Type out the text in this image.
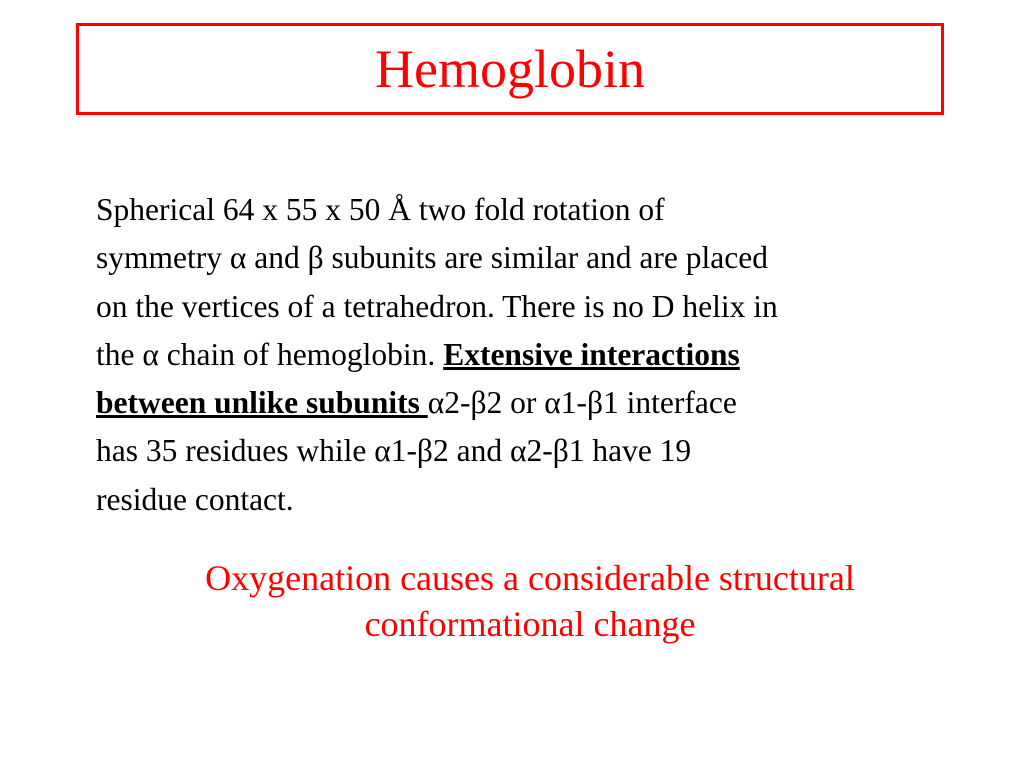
Hemoglobin

Spherical 64 x 55 x 50 Å two fold rotation of
symmetry α and β subunits are similar and are placed
on the vertices of a tetrahedron. There is no D helix in
the α chain of hemoglobin. Extensive interactions
between unlike subunits α2-β2 or α1-β1 interface
has 35 residues while α1-β2 and α2-β1 have 19
residue contact.

Oxygenation causes a considerable structural
conformational change
